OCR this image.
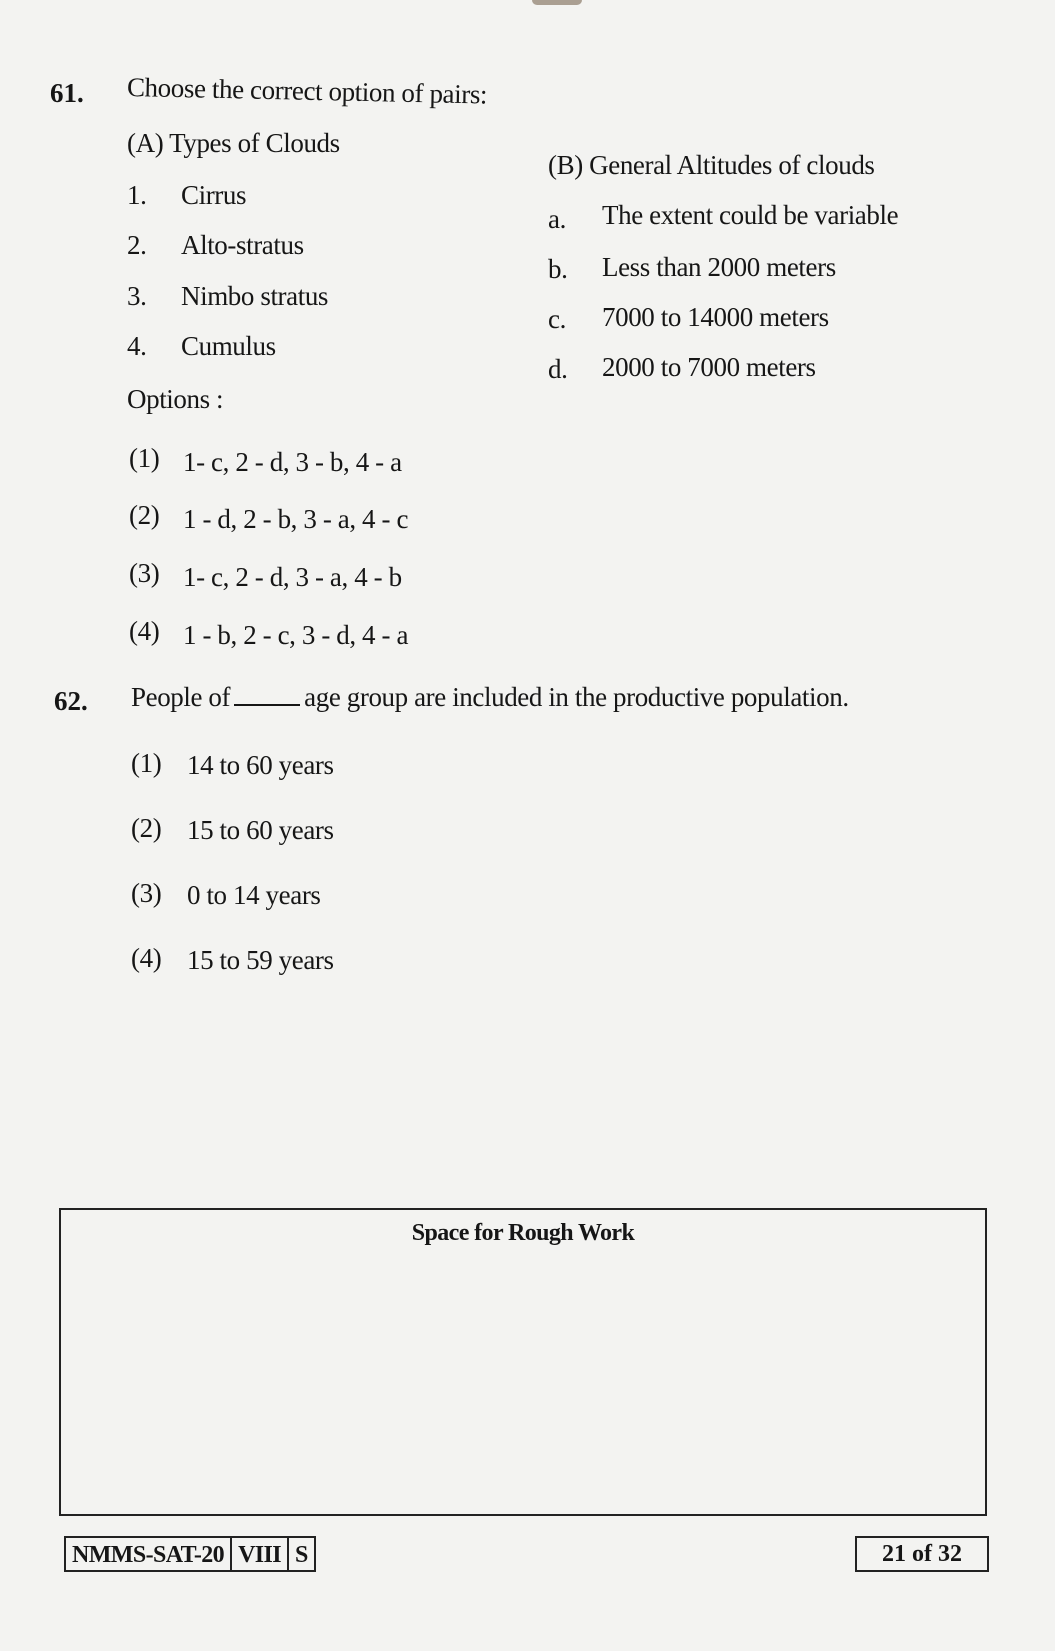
61. Choose the correct option of pairs:
(A) Types of Clouds
(B) General Altitudes of clouds
1. Cirrus
2. Alto-stratus
3. Nimbo stratus
4. Cumulus
a. The extent could be variable
b. Less than 2000 meters
c. 7000 to 14000 meters
d. 2000 to 7000 meters
Options :
(1) 1- c, 2 - d, 3 - b, 4 - a
(2) 1 - d, 2 - b, 3 - a, 4 - c
(3) 1- c, 2 - d, 3 - a, 4 - b
(4) 1 - b, 2 - c, 3 - d, 4 - a
62. People of	age group are included in the productive population.
(1) 14 to 60 years
(2) 15 to 60 years
(3) 0 to 14 years
(4) 15 to 59 years
Space for Rough Work
NMMS-SAT-20 VIII S	21 of 32
